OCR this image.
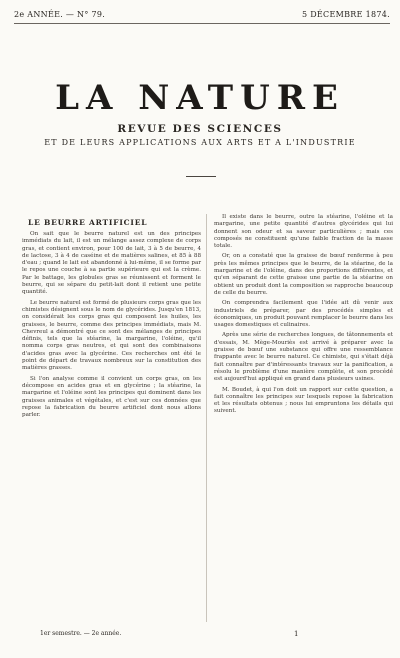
2e ANNÉE. — N° 79.	5 DÉCEMBRE 1874.
LA NATURE
REVUE DES SCIENCES
ET DE LEURS APPLICATIONS AUX ARTS ET A L'INDUSTRIE
LE BEURRE ARTIFICIEL

On sait que le beurre naturel est un des principes immédiats du lait, il est un mélange assez complexe de corps gras, et contient environ, pour 100 de lait, 3 à 5 de beurre, 4 de lactose, 3 à 4 de caséine et de matières salines, et 85 à 88 d'eau ; quand le lait est abandonné à lui-même, il se forme par le repos une couche à sa partie supérieure qui est la crème. Par le battage, les globules gras se réunissent et forment le beurre, qui se sépare du petit-lait dont il retient une petite quantité.

Le beurre naturel est formé de plusieurs corps gras que les chimistes désignent sous le nom de glycérides. Jusqu'en 1813, on considérait les corps gras qui composent les huiles, les graisses, le beurre, comme des principes immédiats, mais M. Chevreul a démontré que ce sont des mélanges de principes définis, tels que la stéarine, la margarine, l'oléine, qu'il nomma corps gras neutres, et qui sont des combinaisons d'acides gras avec la glycérine. Ces recherches ont été le point de départ de travaux nombreux sur la constitution des matières grasses.

Si l'on analyse comme il convient un corps gras, on les décompose en acides gras et en glycérine ; la stéarine, la margarine et l'oléine sont les principes qui dominent dans les graisses animales et végétales, et c'est sur ces données que repose la fabrication du beurre artificiel dont nous allons parler.

Il existe dans le beurre, outre la stéarine, l'oléine et la margarine, une petite quantité d'autres glycérides qui lui donnent son odeur et sa saveur particulières ; mais ces composés ne constituent qu'une faible fraction de la masse totale.

Or, on a constaté que la graisse de bœuf renferme à peu près les mêmes principes que le beurre, de la stéarine, de la margarine et de l'oléine, dans des proportions différentes, et qu'en séparant de cette graisse une partie de la stéarine on obtient un produit dont la composition se rapproche beaucoup de celle du beurre.

On comprendra facilement que l'idée ait dû venir aux industriels de préparer, par des procédés simples et économiques, un produit pouvant remplacer le beurre dans les usages domestiques et culinaires.

Après une série de recherches longues, de tâtonnements et d'essais, M. Mège-Mouriès est arrivé à préparer avec la graisse de bœuf une substance qui offre une ressemblance frappante avec le beurre naturel. Ce chimiste, qui s'était déjà fait connaître par d'intéressants travaux sur la panification, a résolu le problème d'une manière complète, et son procédé est aujourd'hui appliqué en grand dans plusieurs usines.

M. Boudet, à qui l'on doit un rapport sur cette question, a fait connaître les principes sur lesquels repose la fabrication et les résultats obtenus ; nous lui empruntons les détails qui suivent.

1er semestre. — 2e année.	1
